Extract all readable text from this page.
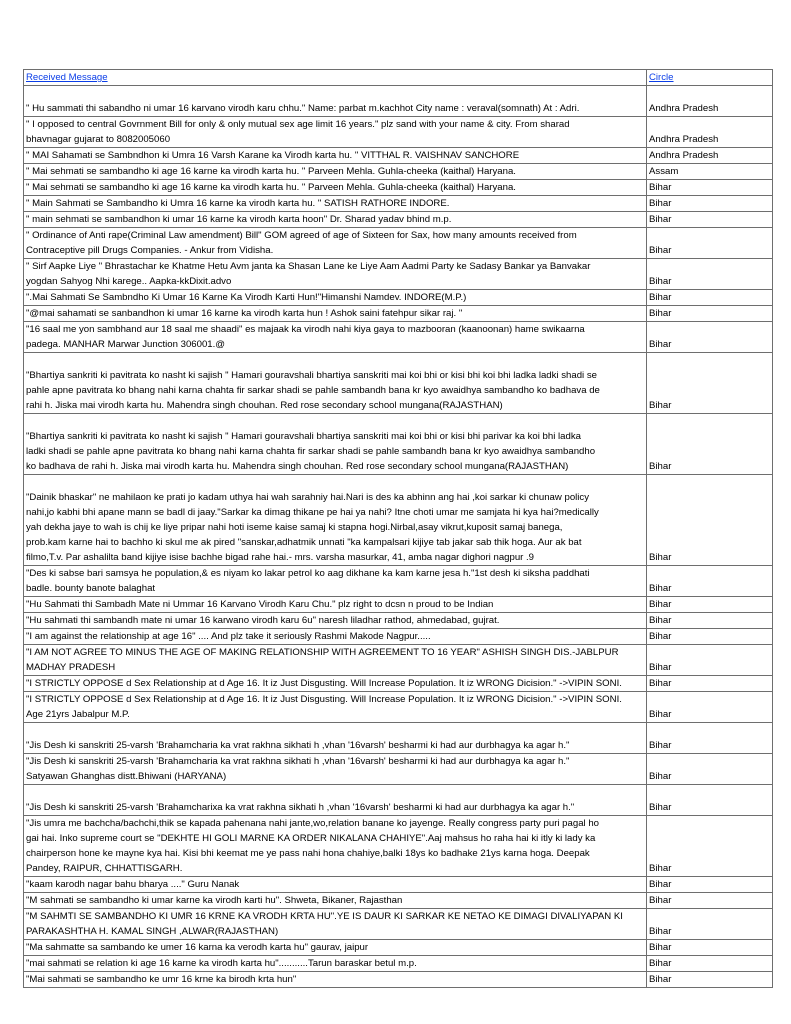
Received Message	Circle

" Hu sammati thi sabandho ni umar 16 karvano virodh karu chhu." Name: parbat m.kachhot City name : veraval(somnath) At : Adri.	Andhra Pradesh
" I opposed to central Govrnment Bill for only & only mutual sex age limit 16 years." plz sand with your name & city. From sharad
bhavnagar gujarat to 8082005060	Andhra Pradesh
" MAI Sahamati se Sambndhon ki Umra 16 Varsh Karane ka Virodh karta hu. " VITTHAL R. VAISHNAV SANCHORE	Andhra Pradesh
" Mai sehmati se sambandho ki age 16 karne ka virodh karta hu. " Parveen Mehla. Guhla-cheeka (kaithal) Haryana.	Assam
" Mai sehmati se sambandho ki age 16 karne ka virodh karta hu. " Parveen Mehla. Guhla-cheeka (kaithal) Haryana.	Bihar
" Main Sahmati se Sambandho ki Umra 16 karne ka virodh karta hu. " SATISH RATHORE INDORE.	Bihar
" main sehmati se sambandhon ki umar 16 karne ka virodh karta hoon" Dr. Sharad yadav bhind m.p.	Bihar
" Ordinance of Anti rape(Criminal Law amendment) Bill" GOM agreed of age of Sixteen for Sax, how many amounts received from
Contraceptive pill Drugs Companies. - Ankur from Vidisha.	Bihar
" Sirf Aapke Liye " Bhrastachar ke Khatme Hetu Avm janta ka Shasan Lane ke Liye Aam Aadmi Party ke Sadasy Bankar ya Banvakar
yogdan Sahyog Nhi karege.. Aapka-kkDixit.advo	Bihar
".Mai Sahmati Se Sambndho Ki Umar 16 Karne Ka Virodh Karti Hun!"Himanshi Namdev. INDORE(M.P.)	Bihar
"@mai sahamati se sanbandhon ki umar 16 karne ka virodh karta hun ! Ashok saini fatehpur sikar raj. "	Bihar
"16 saal me yon sambhand aur 18 saal me shaadi" es majaak ka virodh nahi kiya gaya to mazbooran (kaanoonan) hame swikaarna
padega. MANHAR Marwar Junction 306001.@	Bihar

"Bhartiya sankriti ki pavitrata ko nasht ki sajish " Hamari gouravshali bhartiya sanskriti mai koi bhi or kisi bhi koi bhi ladka ladki shadi se
pahle apne pavitrata ko bhang nahi karna chahta fir sarkar shadi se pahle sambandh bana kr kyo awaidhya sambandho ko badhava de
rahi h. Jiska mai virodh karta hu. Mahendra singh chouhan. Red rose secondary school mungana(RAJASTHAN)	Bihar

"Bhartiya sankriti ki pavitrata ko nasht ki sajish " Hamari gouravshali bhartiya sanskriti mai koi bhi or kisi bhi parivar ka koi bhi ladka
ladki shadi se pahle apne pavitrata ko bhang nahi karna chahta fir sarkar shadi se pahle sambandh bana kr kyo awaidhya sambandho
ko badhava de rahi h. Jiska mai virodh karta hu. Mahendra singh chouhan. Red rose secondary school mungana(RAJASTHAN)	Bihar

"Dainik bhaskar" ne mahilaon ke prati jo kadam uthya hai wah sarahniy hai.Nari is des ka abhinn ang hai ,koi sarkar ki chunaw policy
nahi,jo kabhi bhi apane mann se badl di jaay."Sarkar ka dimag thikane pe hai ya nahi? Itne choti umar me samjata hi kya hai?medically
yah dekha jaye to wah is chij ke liye pripar nahi hoti iseme kaise samaj ki stapna hogi.Nirbal,asay vikrut,kuposit samaj banega,
prob.kam karne hai to bachho ki skul me ak pired "sanskar,adhatmik unnati "ka kampalsari kijiye tab jakar sab thik hoga. Aur ak bat
filmo,T.v. Par ashalilta band kijiye isise bachhe bigad rahe hai.- mrs. varsha masurkar, 41, amba nagar dighori nagpur .9	Bihar
"Des ki sabse bari samsya he population,& es niyam ko lakar petrol ko aag dikhane ka kam karne jesa h."1st desh ki siksha paddhati
badle. bounty banote balaghat	Bihar
"Hu Sahmati thi Sambadh Mate ni Ummar 16 Karvano Virodh Karu Chu." plz right to dcsn n proud to be Indian	Bihar
"Hu sahmati thi sambandh mate ni umar 16 karwano virodh karu 6u" naresh liladhar rathod, ahmedabad, gujrat.	Bihar
"I am against the relationship at age 16" .... And plz take it seriously Rashmi Makode Nagpur.....	Bihar
"I AM NOT AGREE TO MINUS THE AGE OF MAKING RELATIONSHIP WITH AGREEMENT TO 16 YEAR" ASHISH SINGH DIS.-JABLPUR
MADHAY PRADESH	Bihar
"I STRICTLY OPPOSE d Sex Relationship at d Age 16. It iz Just Disgusting. Will Increase Population. It iz WRONG Dicision." ->VIPIN SONI.	Bihar
"I STRICTLY OPPOSE d Sex Relationship at d Age 16. It iz Just Disgusting. Will Increase Population. It iz WRONG Dicision." ->VIPIN SONI.
Age 21yrs Jabalpur M.P.	Bihar

"Jis Desh ki sanskriti 25-varsh 'Brahamcharia ka vrat rakhna sikhati h ,vhan '16varsh' besharmi ki had aur durbhagya ka agar h."	Bihar
"Jis Desh ki sanskriti 25-varsh 'Brahamcharia ka vrat rakhna sikhati h ,vhan '16varsh' besharmi ki had aur durbhagya ka agar h."
Satyawan Ghanghas distt.Bhiwani (HARYANA)	Bihar

"Jis Desh ki sanskriti 25-varsh 'Brahamcharixa ka vrat rakhna sikhati h ,vhan '16varsh' besharmi ki had aur durbhagya ka agar h."	Bihar
"Jis umra me bachcha/bachchi,thik se kapada pahenana nahi jante,wo,relation banane ko jayenge. Really congress party puri pagal ho
gai hai. Inko supreme court se "DEKHTE HI GOLI MARNE KA ORDER NIKALANA CHAHIYE".Aaj mahsus ho raha hai ki itly ki lady ka
chairperson hone ke mayne kya hai. Kisi bhi keemat me ye pass nahi hona chahiye,balki 18ys ko badhake 21ys karna hoga. Deepak
Pandey, RAIPUR, CHHATTISGARH.	Bihar
"kaam karodh nagar bahu bharya ...." Guru Nanak	Bihar
"M sahmati se sambandho ki umar karne ka virodh karti hu". Shweta, Bikaner, Rajasthan	Bihar
"M SAHMTI SE SAMBANDHO KI UMR 16 KRNE KA VRODH KRTA HU".YE IS DAUR KI SARKAR KE NETAO KE DIMAGI DIVALIYAPAN KI
PARAKASHTHA H. KAMAL SINGH ,ALWAR(RAJASTHAN)	Bihar
"Ma sahmatte sa sambando ke umer 16 karna ka verodh karta hu" gaurav, jaipur	Bihar
"mai sahmati se relation ki age 16 karne ka virodh karta hu"...........Tarun baraskar betul m.p.	Bihar
"Mai sahmati se sambandho ke umr 16 krne ka birodh krta hun"	Bihar
